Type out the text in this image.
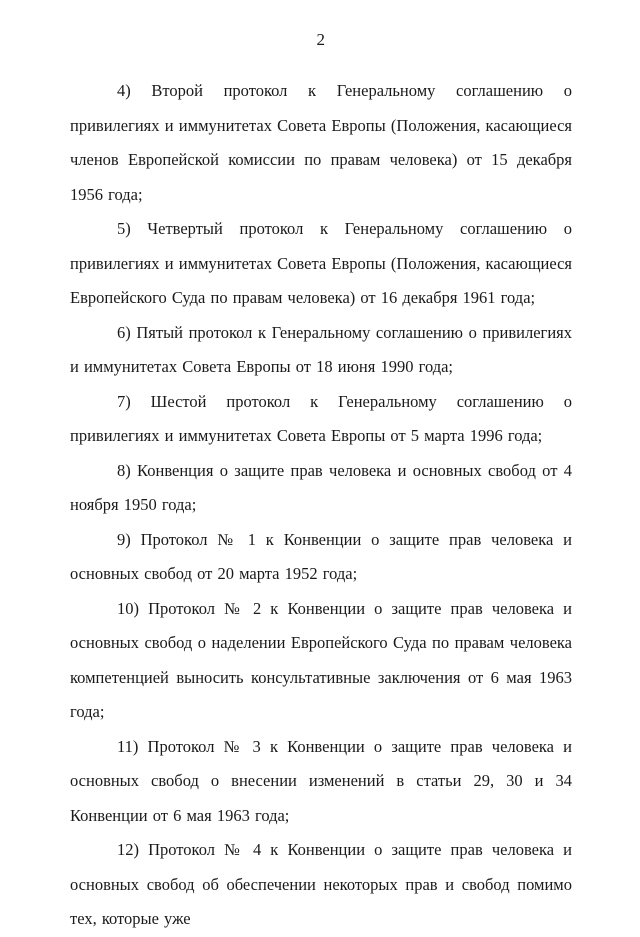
2

4) Второй протокол к Генеральному соглашению о привилегиях и иммунитетах Совета Европы (Положения, касающиеся членов Европейской комиссии по правам человека) от 15 декабря 1956 года;

5) Четвертый протокол к Генеральному соглашению о привилегиях и иммунитетах Совета Европы (Положения, касающиеся Европейского Суда по правам человека) от 16 декабря 1961 года;

6) Пятый протокол к Генеральному соглашению о привилегиях и иммунитетах Совета Европы от 18 июня 1990 года;

7) Шестой протокол к Генеральному соглашению о привилегиях и иммунитетах Совета Европы от 5 марта 1996 года;

8) Конвенция о защите прав человека и основных свобод от 4 ноября 1950 года;

9) Протокол № 1 к Конвенции о защите прав человека и основных свобод от 20 марта 1952 года;

10) Протокол № 2 к Конвенции о защите прав человека и основных свобод о наделении Европейского Суда по правам человека компетенцией выносить консультативные заключения от 6 мая 1963 года;

11) Протокол № 3 к Конвенции о защите прав человека и основных свобод о внесении изменений в статьи 29, 30 и 34 Конвенции от 6 мая 1963 года;

12) Протокол № 4 к Конвенции о защите прав человека и основных свобод об обеспечении некоторых прав и свобод помимо тех, которые уже
